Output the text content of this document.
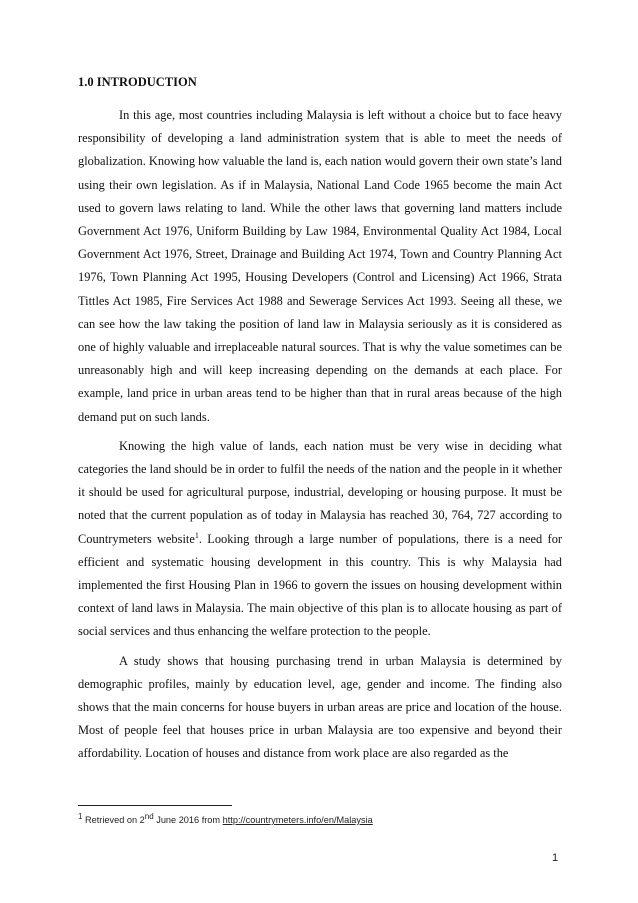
1.0 INTRODUCTION

In this age, most countries including Malaysia is left without a choice but to face heavy responsibility of developing a land administration system that is able to meet the needs of globalization. Knowing how valuable the land is, each nation would govern their own state’s land using their own legislation. As if in Malaysia, National Land Code 1965 become the main Act used to govern laws relating to land. While the other laws that governing land matters include Government Act 1976, Uniform Building by Law 1984, Environmental Quality Act 1984, Local Government Act 1976, Street, Drainage and Building Act 1974, Town and Country Planning Act 1976, Town Planning Act 1995, Housing Developers (Control and Licensing) Act 1966, Strata Tittles Act 1985, Fire Services Act 1988 and Sewerage Services Act 1993. Seeing all these, we can see how the law taking the position of land law in Malaysia seriously as it is considered as one of highly valuable and irreplaceable natural sources. That is why the value sometimes can be unreasonably high and will keep increasing depending on the demands at each place. For example, land price in urban areas tend to be higher than that in rural areas because of the high demand put on such lands.

Knowing the high value of lands, each nation must be very wise in deciding what categories the land should be in order to fulfil the needs of the nation and the people in it whether it should be used for agricultural purpose, industrial, developing or housing purpose. It must be noted that the current population as of today in Malaysia has reached 30, 764, 727 according to Countrymeters website$^1$. Looking through a large number of populations, there is a need for efficient and systematic housing development in this country. This is why Malaysia had implemented the first Housing Plan in 1966 to govern the issues on housing development within context of land laws in Malaysia. The main objective of this plan is to allocate housing as part of social services and thus enhancing the welfare protection to the people.

A study shows that housing purchasing trend in urban Malaysia is determined by demographic profiles, mainly by education level, age, gender and income. The finding also shows that the main concerns for house buyers in urban areas are price and location of the house. Most of people feel that houses price in urban Malaysia are too expensive and beyond their affordability. Location of houses and distance from work place are also regarded as the

$^1$ Retrieved on 2nd June 2016 from http://countrymeters.info/en/Malaysia
1
